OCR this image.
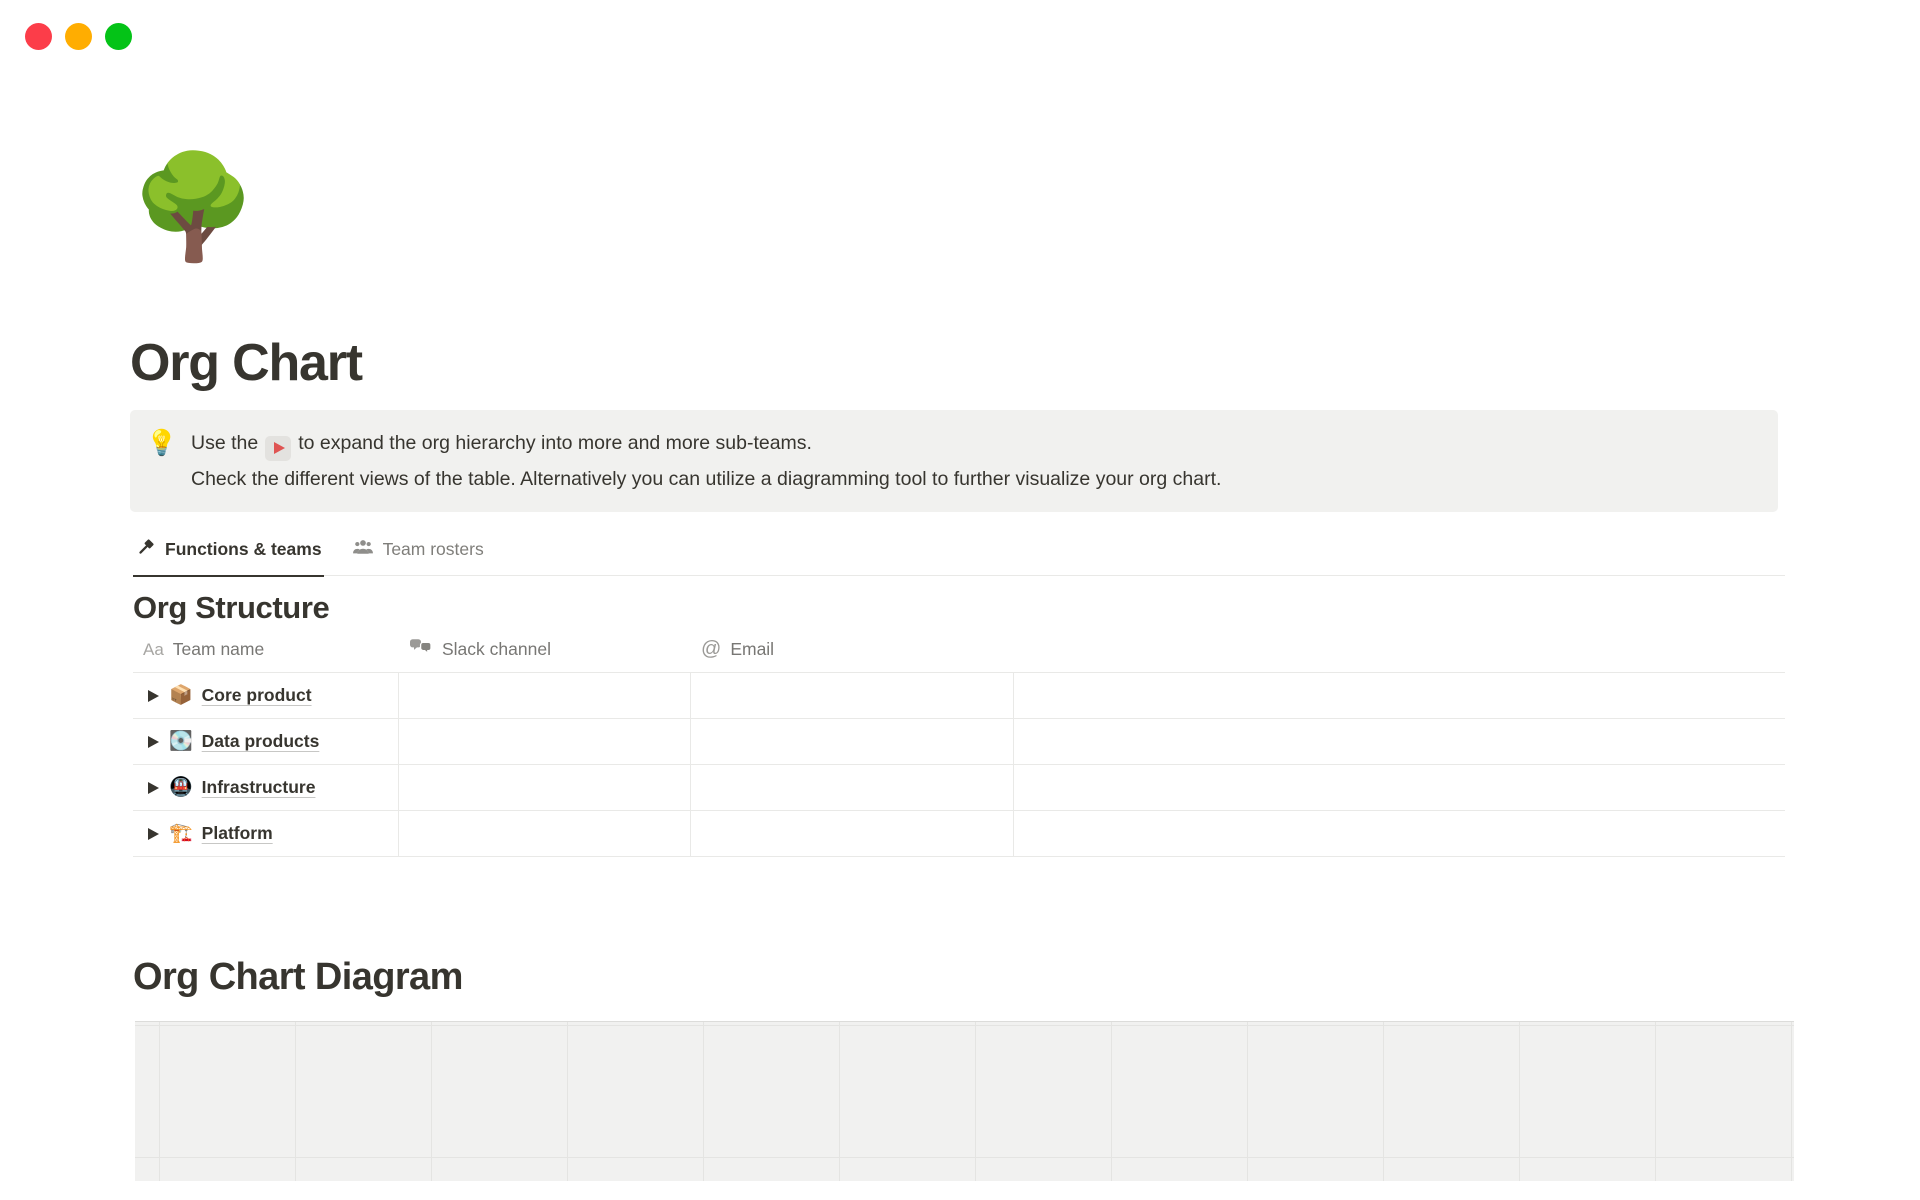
🌳
Org Chart
💡 Use the to expand the org hierarchy into more and more sub-teams.
Check the different views of the table. Alternatively you can utilize a diagramming tool to further visualize your org chart.
Functions & teams	Team rosters
Org Structure
Aa Team name	Slack channel	@ Email
📦 Core product
💽 Data products
🚇 Infrastructure
🏗️ Platform
Org Chart Diagram
